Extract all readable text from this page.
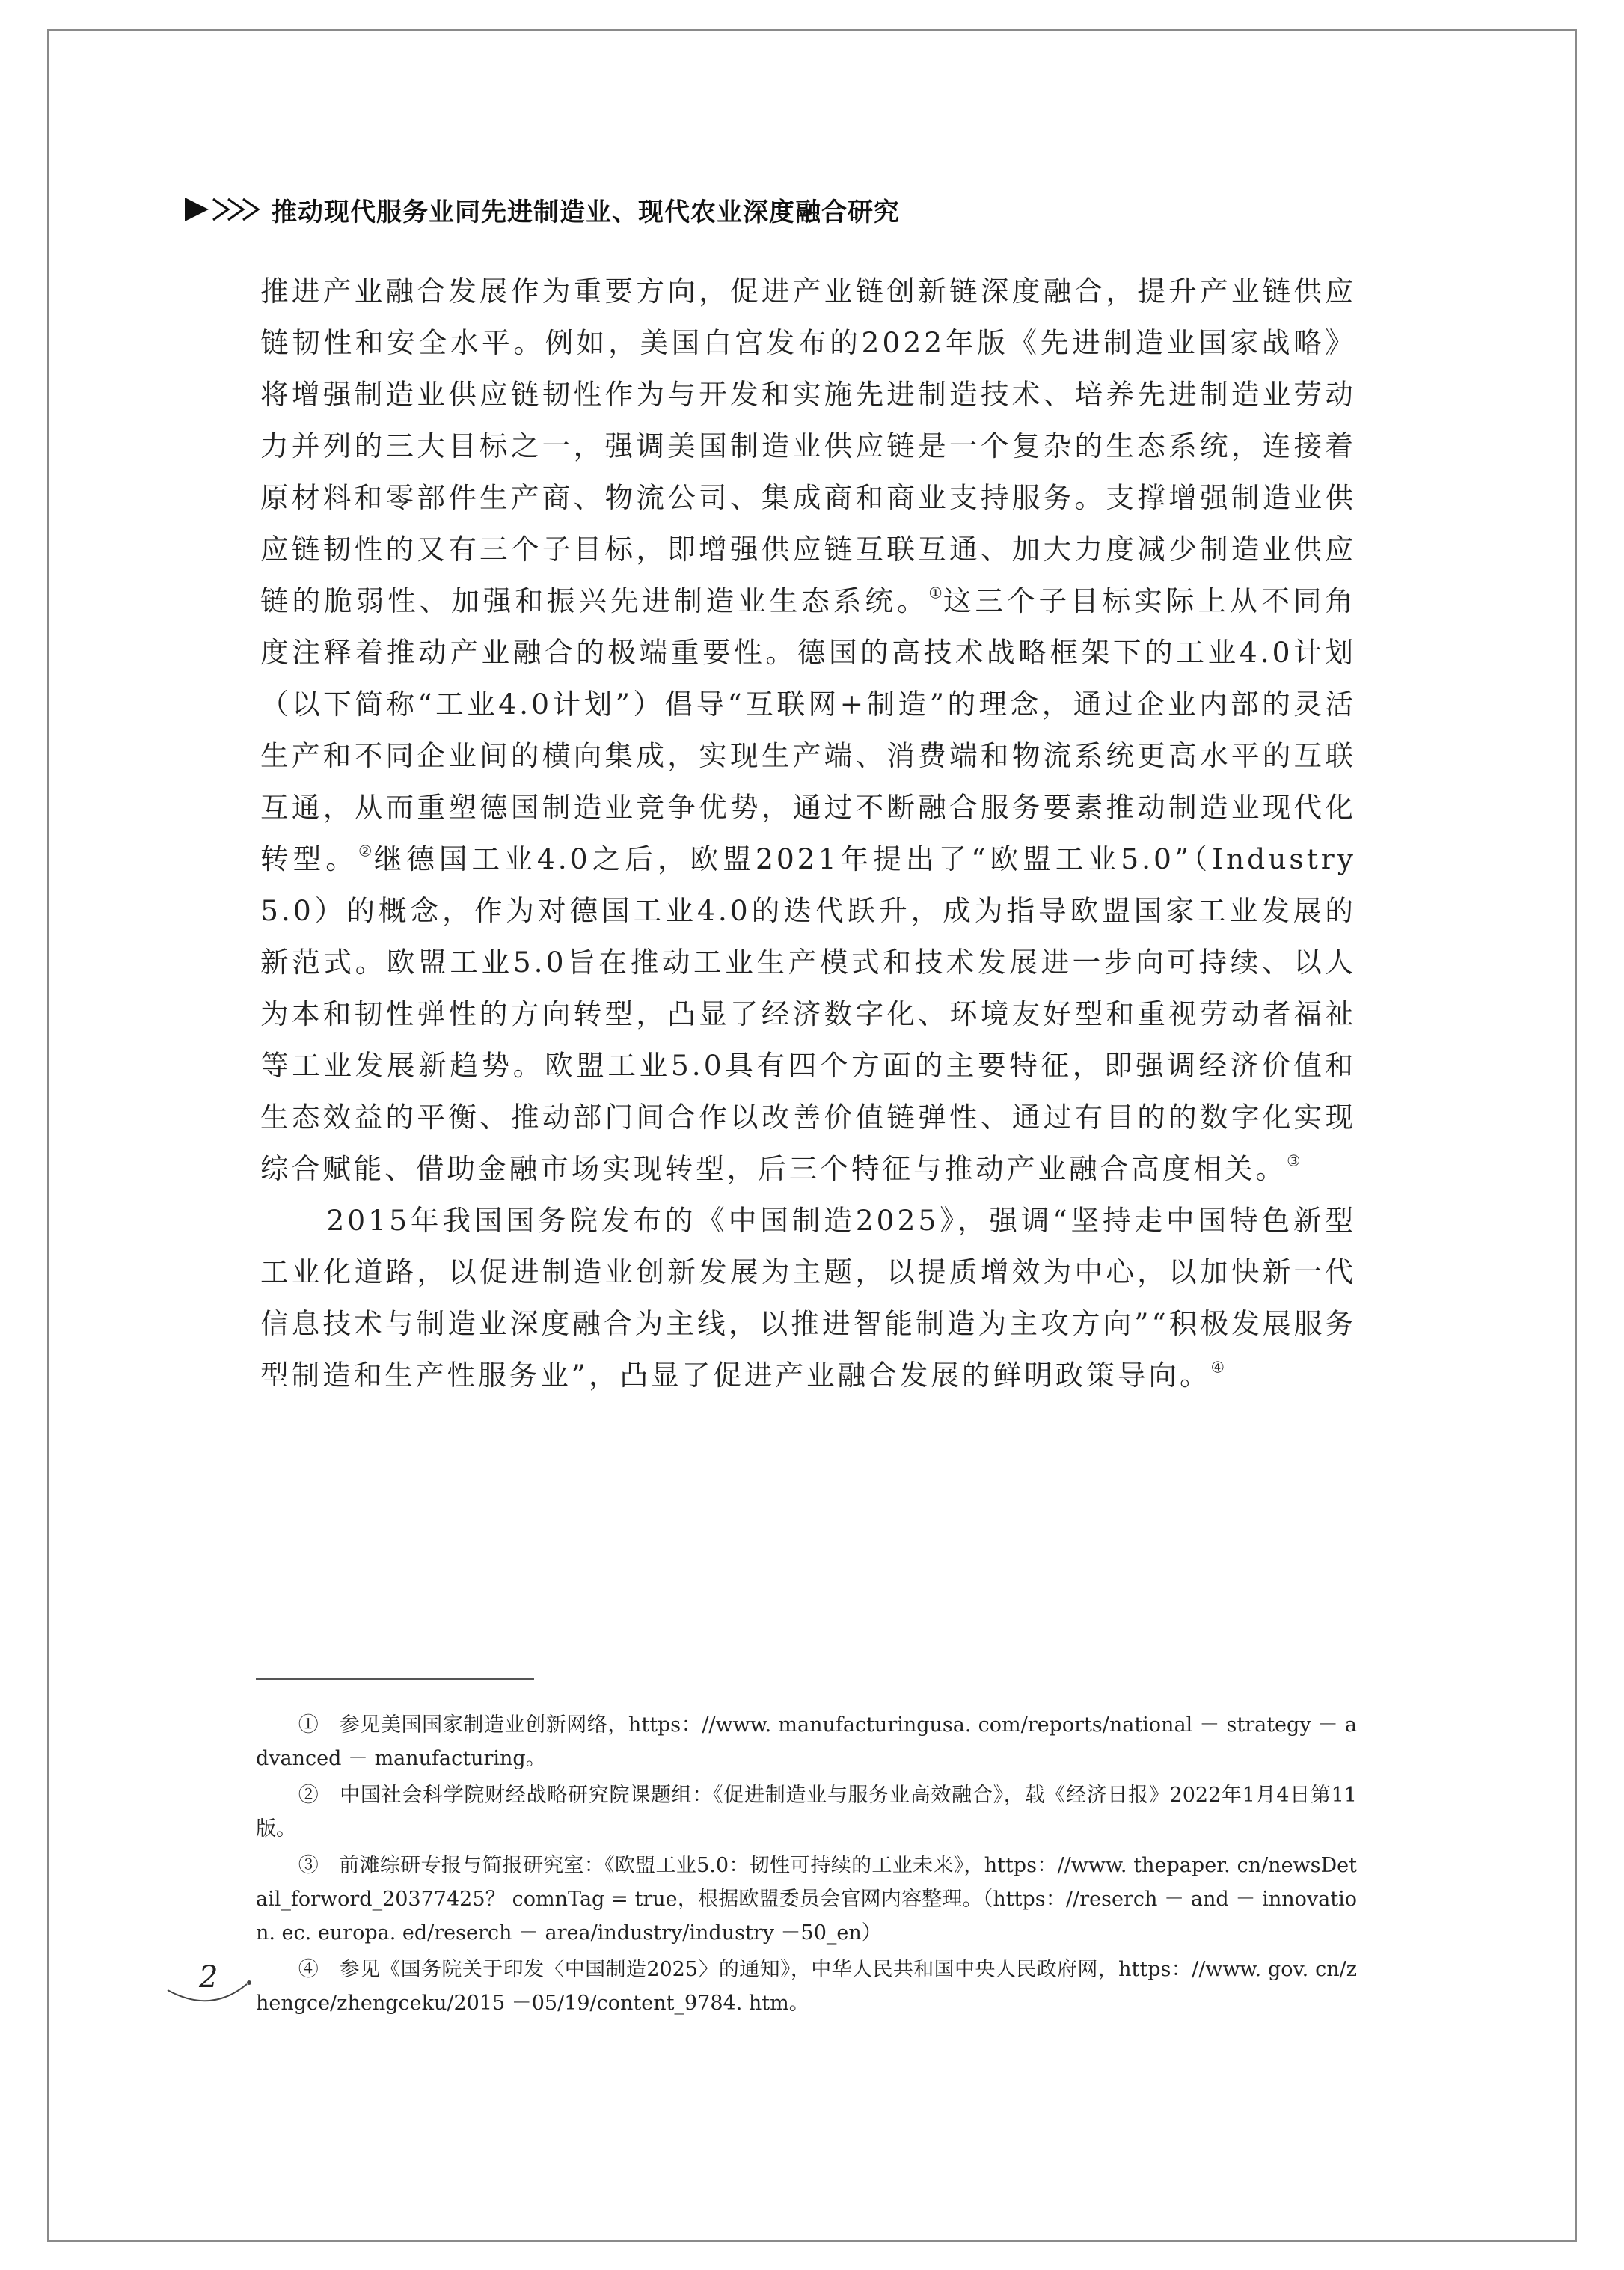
推动现代服务业同先进制造业、现代农业深度融合研究

推进产业融合发展作为重要方向，促进产业链创新链深度融合，提升产业链供应链韧性和安全水平。例如，美国白宫发布的2022年版《先进制造业国家战略》将增强制造业供应链韧性作为与开发和实施先进制造技术、培养先进制造业劳动力并列的三大目标之一，强调美国制造业供应链是一个复杂的生态系统，连接着原材料和零部件生产商、物流公司、集成商和商业支持服务。支撑增强制造业供应链韧性的又有三个子目标，即增强供应链互联互通、加大力度减少制造业供应链的脆弱性、加强和振兴先进制造业生态系统。①这三个子目标实际上从不同角度注释着推动产业融合的极端重要性。德国的高技术战略框架下的工业4.0计划（以下简称“工业4.0计划”）倡导“互联网+制造”的理念，通过企业内部的灵活生产和不同企业间的横向集成，实现生产端、消费端和物流系统更高水平的互联互通，从而重塑德国制造业竞争优势，通过不断融合服务要素推动制造业现代化转型。②继德国工业4.0之后，欧盟2021年提出了“欧盟工业5.0”（Industry 5.0）的概念，作为对德国工业4.0的迭代跃升，成为指导欧盟国家工业发展的新范式。欧盟工业5.0旨在推动工业生产模式和技术发展进一步向可持续、以人为本和韧性弹性的方向转型，凸显了经济数字化、环境友好型和重视劳动者福祉等工业发展新趋势。欧盟工业5.0具有四个方面的主要特征，即强调经济价值和生态效益的平衡、推动部门间合作以改善价值链弹性、通过有目的的数字化实现综合赋能、借助金融市场实现转型，后三个特征与推动产业融合高度相关。③

2015年我国国务院发布的《中国制造2025》，强调“坚持走中国特色新型工业化道路，以促进制造业创新发展为主题，以提质增效为中心，以加快新一代信息技术与制造业深度融合为主线，以推进智能制造为主攻方向”“积极发展服务型制造和生产性服务业”，凸显了促进产业融合发展的鲜明政策导向。④

①　参见美国国家制造业创新网络，https：//www. manufacturingusa. com/reports/national － strategy － advanced － manufacturing。

②　中国社会科学院财经战略研究院课题组：《促进制造业与服务业高效融合》，载《经济日报》2022年1月4日第11版。

③　前滩综研专报与简报研究室：《欧盟工业5.0：韧性可持续的工业未来》，https：//www. thepaper. cn/newsDetail_forword_20377425？ comnTag = true，根据欧盟委员会官网内容整理。（https：//reserch － and － innovation. ec. europa. ed/reserch － area/industry/industry －50_en）

④　参见《国务院关于印发〈中国制造2025〉的通知》，中华人民共和国中央人民政府网，https：//www. gov. cn/zhengce/zhengceku/2015 －05/19/content_9784. htm。

2
